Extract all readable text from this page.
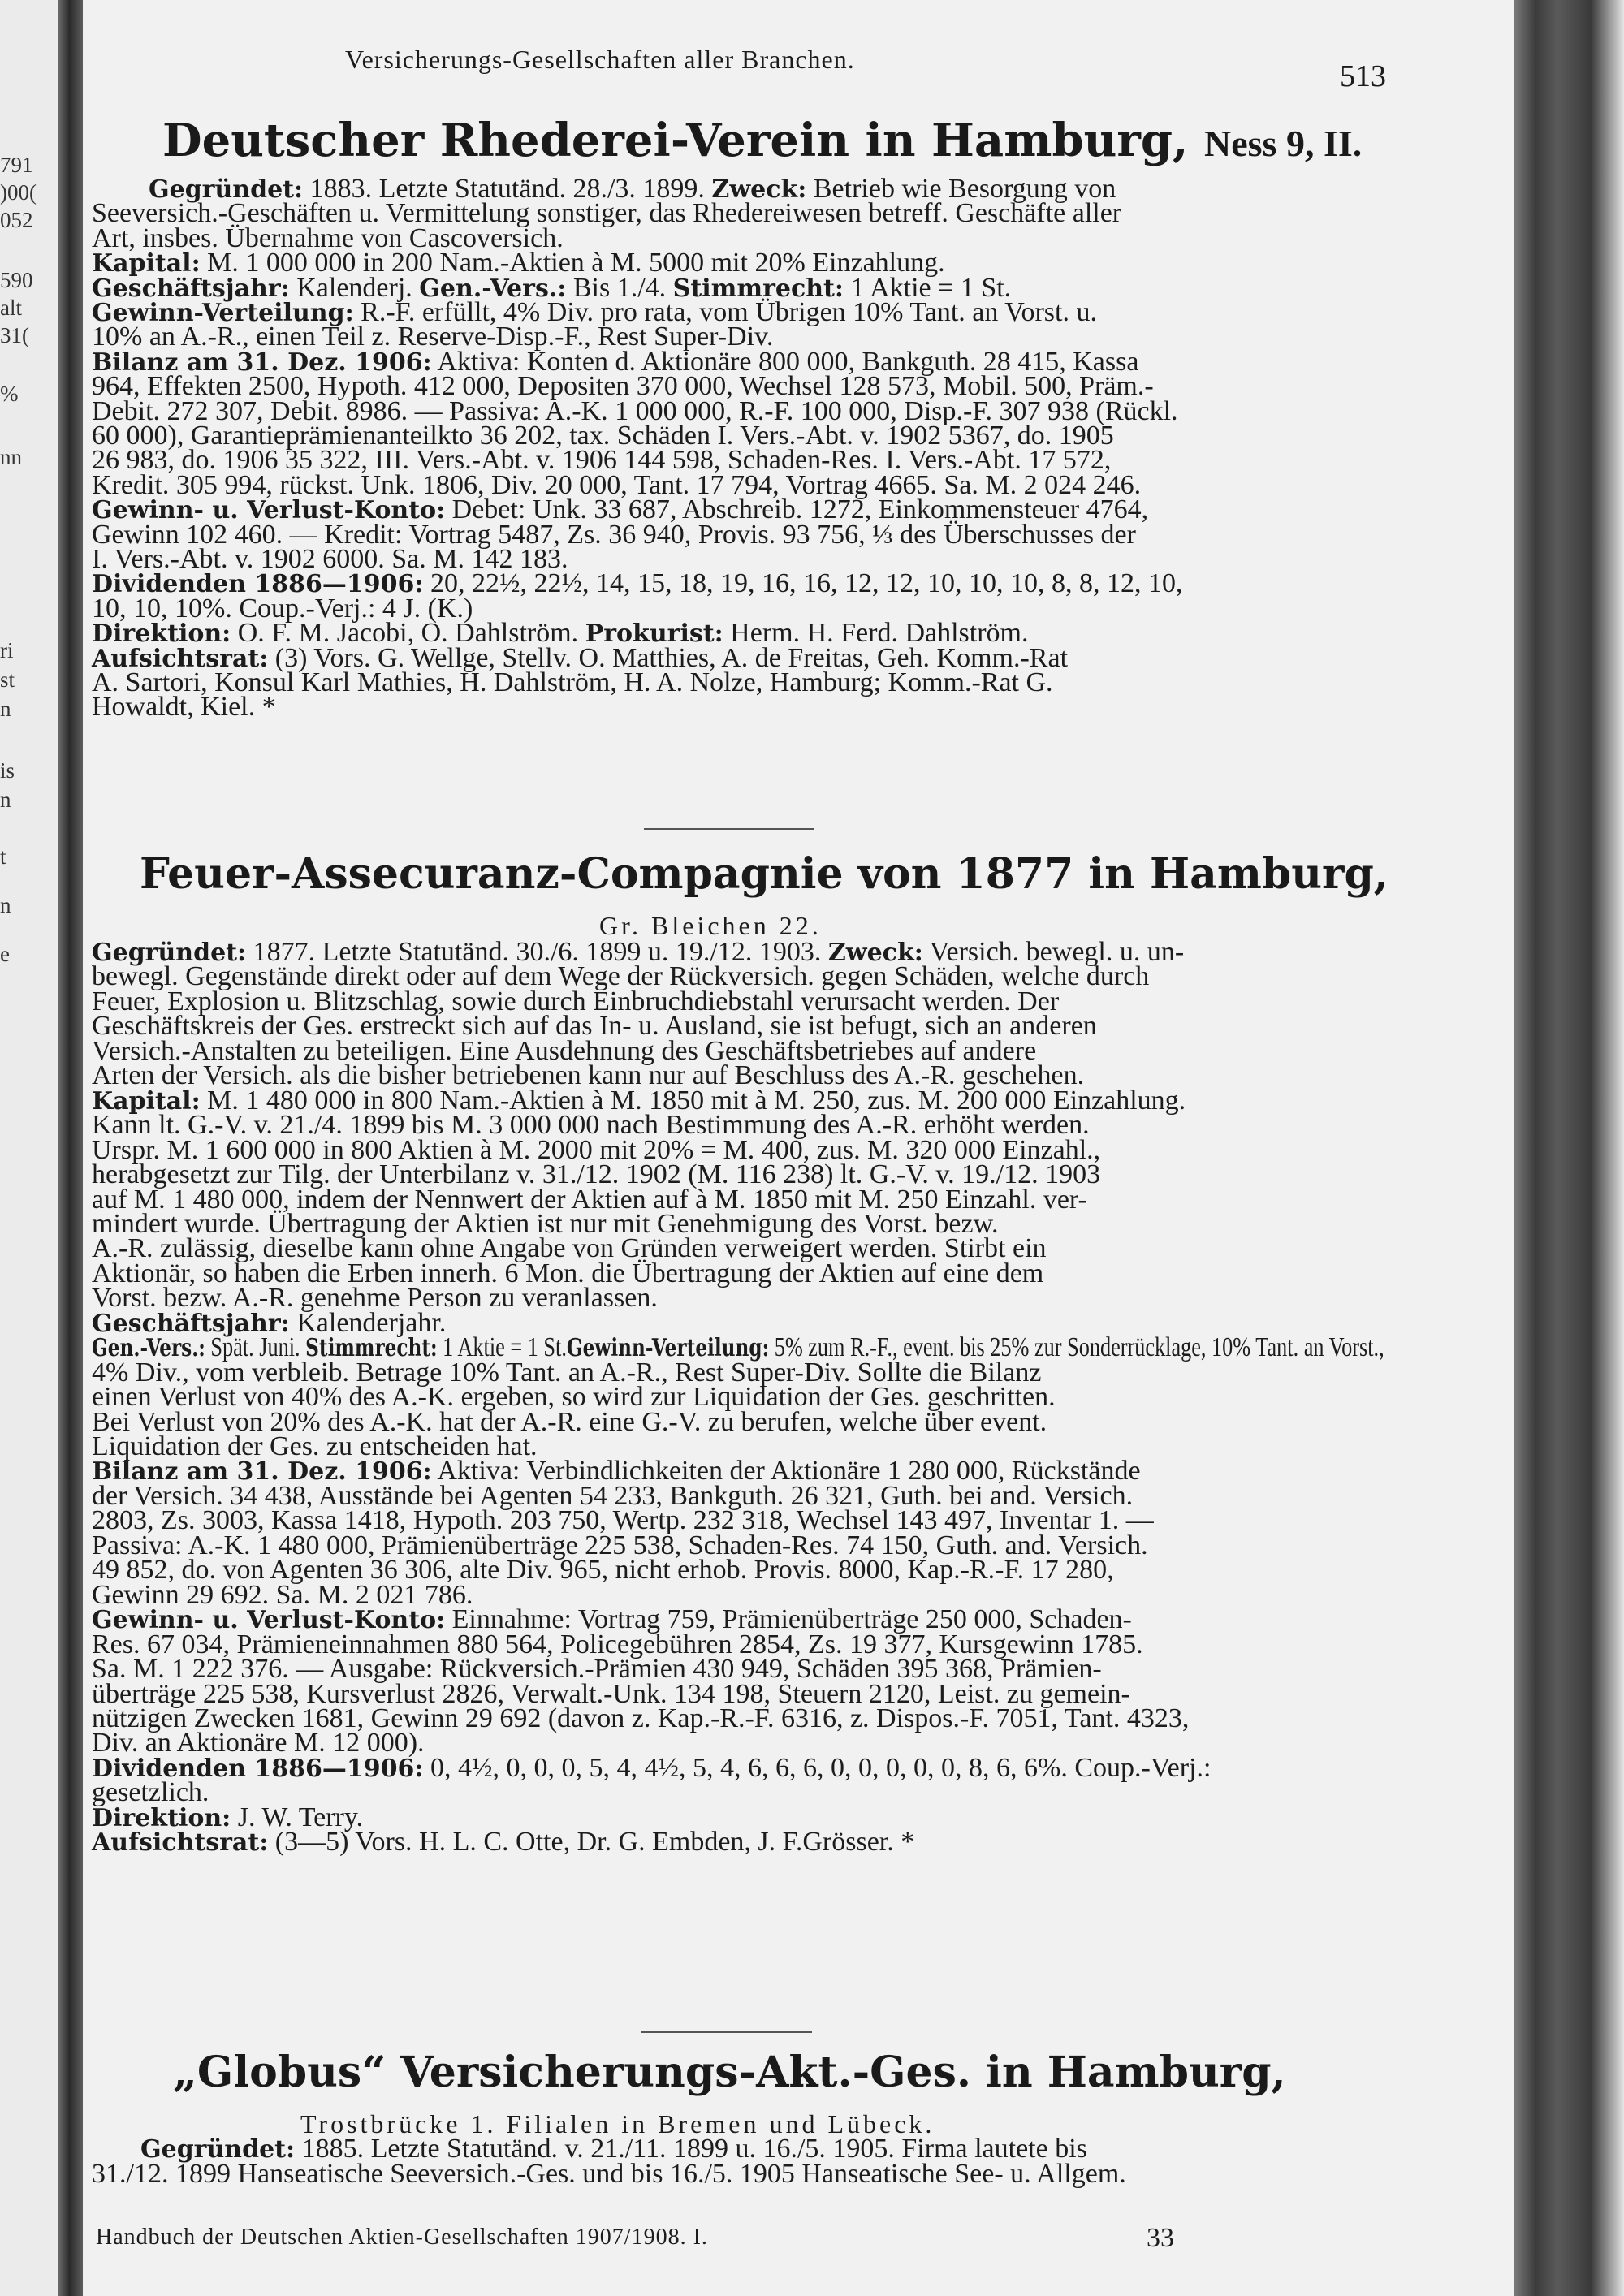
791
)00(
052
590
alt
31(
%
nn
ri
st
n
is
n
t
n
e
Versicherungs-Gesellschaften aller Branchen.	513
Deutscher Rhederei-Verein in Hamburg, Ness 9, II.
Gegründet: 1883. Letzte Statutänd. 28./3. 1899. Zweck: Betrieb wie Besorgung von
Seeversich.-Geschäften u. Vermittelung sonstiger, das Rhedereiwesen betreff. Geschäfte aller
Art, insbes. Übernahme von Cascoversich.
Kapital: M. 1 000 000 in 200 Nam.-Aktien à M. 5000 mit 20% Einzahlung.
Geschäftsjahr: Kalenderj. Gen.-Vers.: Bis 1./4. Stimmrecht: 1 Aktie = 1 St.
Gewinn-Verteilung: R.-F. erfüllt, 4% Div. pro rata, vom Übrigen 10% Tant. an Vorst. u.
10% an A.-R., einen Teil z. Reserve-Disp.-F., Rest Super-Div.
Bilanz am 31. Dez. 1906: Aktiva: Konten d. Aktionäre 800 000, Bankguth. 28 415, Kassa
964, Effekten 2500, Hypoth. 412 000, Depositen 370 000, Wechsel 128 573, Mobil. 500, Präm.-
Debit. 272 307, Debit. 8986. — Passiva: A.-K. 1 000 000, R.-F. 100 000, Disp.-F. 307 938 (Rückl.
60 000), Garantieprämienanteilkto 36 202, tax. Schäden I. Vers.-Abt. v. 1902 5367, do. 1905
26 983, do. 1906 35 322, III. Vers.-Abt. v. 1906 144 598, Schaden-Res. I. Vers.-Abt. 17 572,
Kredit. 305 994, rückst. Unk. 1806, Div. 20 000, Tant. 17 794, Vortrag 4665. Sa. M. 2 024 246.
Gewinn- u. Verlust-Konto: Debet: Unk. 33 687, Abschreib. 1272, Einkommensteuer 4764,
Gewinn 102 460. — Kredit: Vortrag 5487, Zs. 36 940, Provis. 93 756, ⅓ des Überschusses der
I. Vers.-Abt. v. 1902 6000. Sa. M. 142 183.
Dividenden 1886—1906: 20, 22½, 22½, 14, 15, 18, 19, 16, 16, 12, 12, 10, 10, 10, 8, 8, 12, 10,
10, 10, 10%. Coup.-Verj.: 4 J. (K.)
Direktion: O. F. M. Jacobi, O. Dahlström. Prokurist: Herm. H. Ferd. Dahlström.
Aufsichtsrat: (3) Vors. G. Wellge, Stellv. O. Matthies, A. de Freitas, Geh. Komm.-Rat
A. Sartori, Konsul Karl Mathies, H. Dahlström, H. A. Nolze, Hamburg; Komm.-Rat G.
Howaldt, Kiel. *
Feuer-Assecuranz-Compagnie von 1877 in Hamburg,
Gr. Bleichen 22.
Gegründet: 1877. Letzte Statutänd. 30./6. 1899 u. 19./12. 1903. Zweck: Versich. bewegl. u. un-
bewegl. Gegenstände direkt oder auf dem Wege der Rückversich. gegen Schäden, welche durch
Feuer, Explosion u. Blitzschlag, sowie durch Einbruchdiebstahl verursacht werden. Der
Geschäftskreis der Ges. erstreckt sich auf das In- u. Ausland, sie ist befugt, sich an anderen
Versich.-Anstalten zu beteiligen. Eine Ausdehnung des Geschäftsbetriebes auf andere
Arten der Versich. als die bisher betriebenen kann nur auf Beschluss des A.-R. geschehen.
Kapital: M. 1 480 000 in 800 Nam.-Aktien à M. 1850 mit à M. 250, zus. M. 200 000 Einzahlung.
Kann lt. G.-V. v. 21./4. 1899 bis M. 3 000 000 nach Bestimmung des A.-R. erhöht werden.
Urspr. M. 1 600 000 in 800 Aktien à M. 2000 mit 20% = M. 400, zus. M. 320 000 Einzahl.,
herabgesetzt zur Tilg. der Unterbilanz v. 31./12. 1902 (M. 116 238) lt. G.-V. v. 19./12. 1903
auf M. 1 480 000, indem der Nennwert der Aktien auf à M. 1850 mit M. 250 Einzahl. ver-
mindert wurde. Übertragung der Aktien ist nur mit Genehmigung des Vorst. bezw.
A.-R. zulässig, dieselbe kann ohne Angabe von Gründen verweigert werden. Stirbt ein
Aktionär, so haben die Erben innerh. 6 Mon. die Übertragung der Aktien auf eine dem
Vorst. bezw. A.-R. genehme Person zu veranlassen.
Geschäftsjahr: Kalenderjahr.
Gen.-Vers.: Spät. Juni. Stimmrecht: 1 Aktie = 1 St.Gewinn-Verteilung: 5% zum R.-F., event. bis 25% zur Sonderrücklage, 10% Tant. an Vorst.,
4% Div., vom verbleib. Betrage 10% Tant. an A.-R., Rest Super-Div. Sollte die Bilanz
einen Verlust von 40% des A.-K. ergeben, so wird zur Liquidation der Ges. geschritten.
Bei Verlust von 20% des A.-K. hat der A.-R. eine G.-V. zu berufen, welche über event.
Liquidation der Ges. zu entscheiden hat.
Bilanz am 31. Dez. 1906: Aktiva: Verbindlichkeiten der Aktionäre 1 280 000, Rückstände
der Versich. 34 438, Ausstände bei Agenten 54 233, Bankguth. 26 321, Guth. bei and. Versich.
2803, Zs. 3003, Kassa 1418, Hypoth. 203 750, Wertp. 232 318, Wechsel 143 497, Inventar 1. —
Passiva: A.-K. 1 480 000, Prämienüberträge 225 538, Schaden-Res. 74 150, Guth. and. Versich.
49 852, do. von Agenten 36 306, alte Div. 965, nicht erhob. Provis. 8000, Kap.-R.-F. 17 280,
Gewinn 29 692. Sa. M. 2 021 786.
Gewinn- u. Verlust-Konto: Einnahme: Vortrag 759, Prämienüberträge 250 000, Schaden-
Res. 67 034, Prämieneinnahmen 880 564, Policegebühren 2854, Zs. 19 377, Kursgewinn 1785.
Sa. M. 1 222 376. — Ausgabe: Rückversich.-Prämien 430 949, Schäden 395 368, Prämien-
überträge 225 538, Kursverlust 2826, Verwalt.-Unk. 134 198, Steuern 2120, Leist. zu gemein-
nützigen Zwecken 1681, Gewinn 29 692 (davon z. Kap.-R.-F. 6316, z. Dispos.-F. 7051, Tant. 4323,
Div. an Aktionäre M. 12 000).
Dividenden 1886—1906: 0, 4½, 0, 0, 0, 5, 4, 4½, 5, 4, 6, 6, 6, 0, 0, 0, 0, 0, 8, 6, 6%. Coup.-Verj.:
gesetzlich.
Direktion: J. W. Terry.
Aufsichtsrat: (3—5) Vors. H. L. C. Otte, Dr. G. Embden, J. F.Grösser. *
„Globus“ Versicherungs-Akt.-Ges. in Hamburg,
Trostbrücke 1. Filialen in Bremen und Lübeck.
Gegründet: 1885. Letzte Statutänd. v. 21./11. 1899 u. 16./5. 1905. Firma lautete bis
31./12. 1899 Hanseatische Seeversich.-Ges. und bis 16./5. 1905 Hanseatische See- u. Allgem.
Handbuch der Deutschen Aktien-Gesellschaften 1907/1908. I.	33
